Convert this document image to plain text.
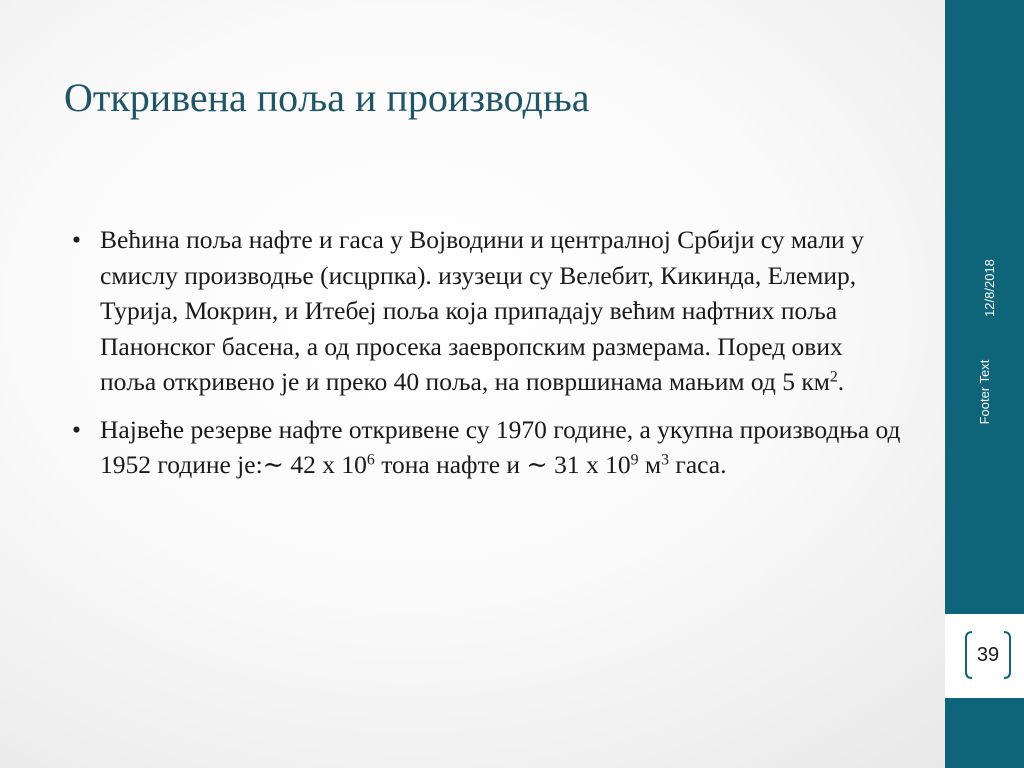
Откривена поља и производња
• Већина поља нафте и гаса у Војводини и централној Србији су мали у смислу производње (исцрпка). изузеци су Велебит, Кикинда, Елемир, Турија, Мокрин, и Итебеј поља која припадају већим нафтних поља Панонског басена, а од просека заевропским размерама. Поред ових поља откривено је и преко 40 поља, на површинама мањим од 5 $км^2$.
• Највеће резерве нафте откривене су 1970 године, а укупна производња од 1952 године је:∼ 42 x $10^6$ тона нафте и ∼ 31 x $10^9$ $м^3$ гаса.
12/8/2018
Footer Text
39
